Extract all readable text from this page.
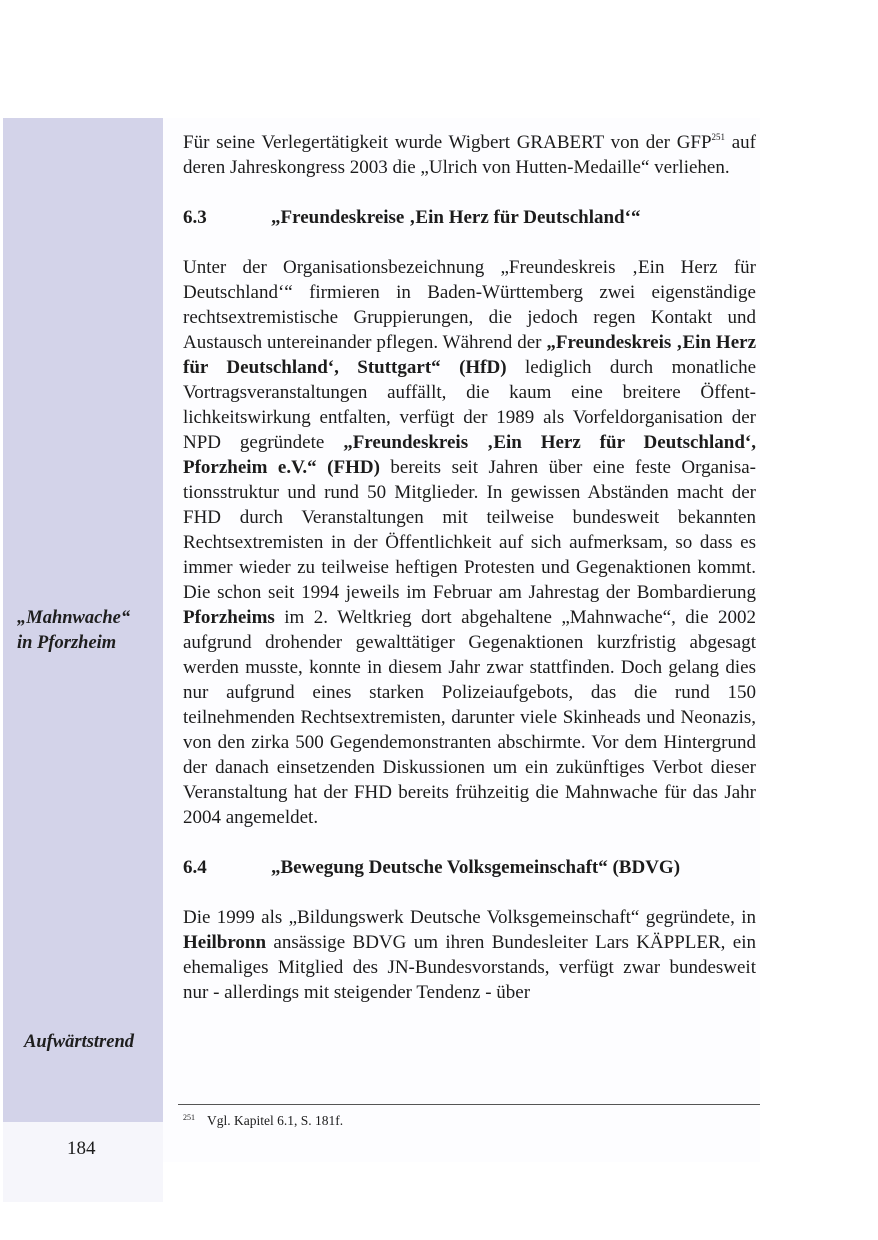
„Mahnwache“
in Pforzheim
Aufwärtstrend
184

Für seine Verlegertätigkeit wurde Wigbert GRABERT von der GFP$^{251}$ auf deren Jahreskongress 2003 die „Ulrich von Hutten-Medaille“ verliehen.

6.3	„Freundeskreise ‚Ein Herz für Deutschland‘“

Unter der Organisationsbezeichnung „Freundeskreis ‚Ein Herz für Deutschland‘“ firmieren in Baden-Württemberg zwei eigenständige rechtsextremistische Gruppierungen, die jedoch regen Kontakt und Austausch untereinander pflegen. Während der „Freundeskreis ‚Ein Herz für Deutschland‘, Stuttgart“ (HfD) lediglich durch monatliche Vortragsveranstaltungen auffällt, die kaum eine breitere Öffentlichkeitswirkung entfalten, verfügt der 1989 als Vorfeldorganisation der NPD gegründete „Freundeskreis ‚Ein Herz für Deutschland‘, Pforzheim e.V.“ (FHD) bereits seit Jahren über eine feste Organisationsstruktur und rund 50 Mitglieder. In gewissen Abständen macht der FHD durch Veranstaltungen mit teilweise bundesweit bekannten Rechtsextremisten in der Öffentlichkeit auf sich aufmerksam, so dass es immer wieder zu teilweise heftigen Protesten und Gegenaktionen kommt. Die schon seit 1994 jeweils im Februar am Jahrestag der Bombardierung Pforzheims im 2. Weltkrieg dort abgehaltene „Mahnwache“, die 2002 aufgrund drohender gewalttätiger Gegenaktionen kurzfristig abgesagt werden musste, konnte in diesem Jahr zwar stattfinden. Doch gelang dies nur aufgrund eines starken Polizeiaufgebots, das die rund 150 teilnehmenden Rechtsextremisten, darunter viele Skinheads und Neonazis, von den zirka 500 Gegendemonstranten abschirmte. Vor dem Hintergrund der danach einsetzenden Diskussionen um ein zukünftiges Verbot dieser Veranstaltung hat der FHD bereits frühzeitig die Mahnwache für das Jahr 2004 angemeldet.

6.4	„Bewegung Deutsche Volksgemeinschaft“ (BDVG)

Die 1999 als „Bildungswerk Deutsche Volksgemeinschaft“ gegründete, in Heilbronn ansässige BDVG um ihren Bundesleiter Lars KÄPPLER, ein ehemaliges Mitglied des JN-Bundesvorstands, verfügt zwar bundesweit nur - allerdings mit steigender Tendenz - über

$^{251}$ Vgl. Kapitel 6.1, S. 181f.
